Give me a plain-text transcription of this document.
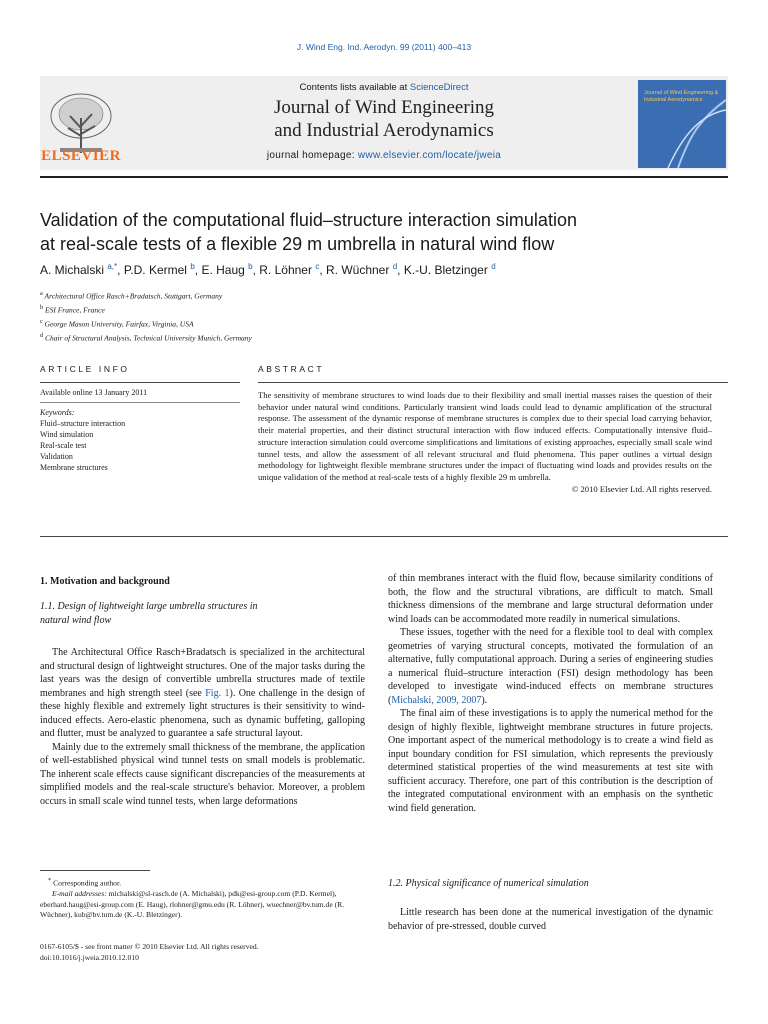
J. Wind Eng. Ind. Aerodyn. 99 (2011) 400–413
Contents lists available at ScienceDirect
Journal of Wind Engineering
and Industrial Aerodynamics
journal homepage: www.elsevier.com/locate/jweia
ELSEVIER
Journal of Wind Engineering & Industrial Aerodynamics
Validation of the computational fluid–structure interaction simulation
at real-scale tests of a flexible 29 m umbrella in natural wind flow
A. Michalski $^{a,*}$, P.D. Kermel $^b$, E. Haug $^b$, R. Löhner $^c$, R. Wüchner $^d$, K.-U. Bletzinger $^d$
$^a$ Architectural Office Rasch+Bradatsch, Stuttgart, Germany
$^b$ ESI France, France
$^c$ George Mason University, Fairfax, Virginia, USA
$^d$ Chair of Structural Analysis, Technical University Munich, Germany
ARTICLE INFO	ABSTRACT
Available online 13 January 2011
Keywords:
Fluid–structure interaction
Wind simulation
Real-scale test
Validation
Membrane structures
The sensitivity of membrane structures to wind loads due to their flexibility and small inertial masses raises the question of their behavior under natural wind conditions. Particularly transient wind loads could lead to dynamic amplification of the structural response. The assessment of the dynamic response of membrane structures is complex due to their special load carrying behavior, their material properties, and their distinct structural interaction with flow induced effects. Computationally intensive fluid–structure interaction simulation could overcome simplifications and limitations of existing approaches, especially small scale wind tunnel tests, and allow the assessment of all relevant structural and fluid phenomena. This paper outlines a virtual design methodology for lightweight flexible membrane structures under the impact of fluctuating wind loads and provides results on the unique validation of the method at real-scale tests of a highly flexible 29 m umbrella.
© 2010 Elsevier Ltd. All rights reserved.
1. Motivation and background
1.1. Design of lightweight large umbrella structures in
natural wind flow

The Architectural Office Rasch+Bradatsch is specialized in the architectural and structural design of lightweight structures. One of the major tasks during the last years was the design of convertible umbrella structures made of textile membranes and high strength steel (see Fig. 1). One challenge in the design of these highly flexible and extremely light structures is their sensitivity to wind-induced effects. Aero-elastic phenomena, such as dynamic buffeting, galloping and flutter, must be analyzed to guarantee a safe structural layout.

Mainly due to the extremely small thickness of the membrane, the application of well-established physical wind tunnel tests on small models is problematic. The inherent scale effects cause significant discrepancies of the measurements at simplified models and the real-scale structure's behavior. Moreover, a problem occurs in small scale wind tunnel tests, when large deformations

of thin membranes interact with the fluid flow, because similarity conditions of both, the flow and the structural vibrations, are difficult to match. Small thickness dimensions of the membrane and large structural deformation under wind loads can be accommodated more readily in numerical simulations.

These issues, together with the need for a flexible tool to deal with complex geometries of varying structural concepts, motivated the formulation of an alternative, fully computational approach. During a series of engineering studies a numerical fluid–structure interaction (FSI) design methodology has been developed to investigate wind-induced effects on membrane structures (Michalski, 2009, 2007).

The final aim of these investigations is to apply the numerical method for the design of highly flexible, lightweight membrane structures in future projects. One important aspect of the numerical methodology is to create a wind field as input boundary condition for FSI simulation, which represents the previously determined statistical properties of the wind measurements at test site with sufficient accuracy. Therefore, one part of this contribution is the description of the integrated computational environment with an emphasis on the synthetic wind field generation.

1.2. Physical significance of numerical simulation

Little research has been done at the numerical investigation of the dynamic behavior of pre-stressed, double curved

* Corresponding author.
E-mail addresses: michalski@sl-rasch.de (A. Michalski), pdk@esi-group.com (P.D. Kermel), eberhard.haug@esi-group.com (E. Haug), rlohner@gmu.edu (R. Löhner), wuechner@bv.tum.de (R. Wüchner), kub@bv.tum.de (K.-U. Bletzinger).
0167-6105/$ - see front matter © 2010 Elsevier Ltd. All rights reserved.
doi:10.1016/j.jweia.2010.12.010
